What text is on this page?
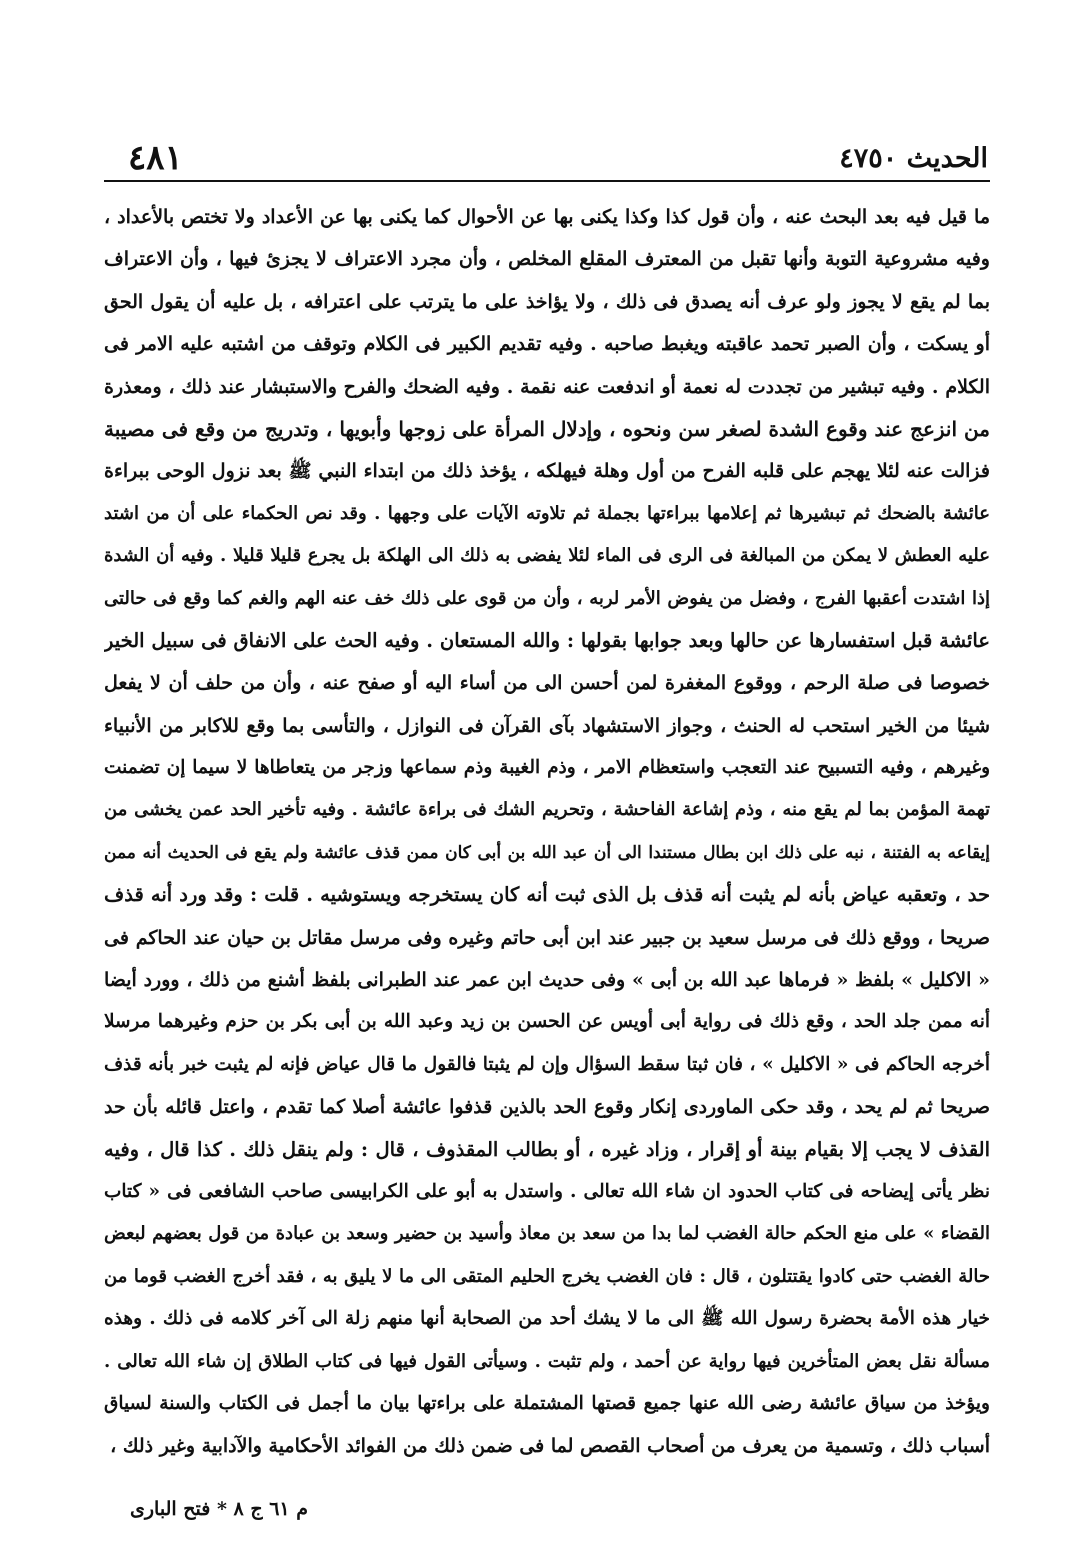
٤٨١	الحديث ٤٧٥٠
ما قيل فيه بعد البحث عنه ، وأن قول كذا وكذا يكنى بها عن الأحوال كما يكنى بها عن الأعداد ولا تختص بالأعداد ،
وفيه مشروعية التوبة وأنها تقبل من المعترف المقلع المخلص ، وأن مجرد الاعتراف لا يجزئ فيها ، وأن الاعتراف
بما لم يقع لا يجوز ولو عرف أنه يصدق فى ذلك ، ولا يؤاخذ على ما يترتب على اعترافه ، بل عليه أن يقول الحق
أو يسكت ، وأن الصبر تحمد عاقبته ويغبط صاحبه . وفيه تقديم الكبير فى الكلام وتوقف من اشتبه عليه الامر فى
الكلام . وفيه تبشير من تجددت له نعمة أو اندفعت عنه نقمة . وفيه الضحك والفرح والاستبشار عند ذلك ، ومعذرة
من انزعج عند وقوع الشدة لصغر سن ونحوه ، وإدلال المرأة على زوجها وأبويها ، وتدريج من وقع فى مصيبة
فزالت عنه لئلا يهجم على قلبه الفرح من أول وهلة فيهلكه ، يؤخذ ذلك من ابتداء النبي ﷺ بعد نزول الوحى ببراءة
عائشة بالضحك ثم تبشيرها ثم إعلامها ببراءتها بجملة ثم تلاوته الآيات على وجهها . وقد نص الحكماء على أن من اشتد
عليه العطش لا يمكن من المبالغة فى الرى فى الماء لئلا يفضى به ذلك الى الهلكة بل يجرع قليلا قليلا . وفيه أن الشدة
إذا اشتدت أعقبها الفرج ، وفضل من يفوض الأمر لربه ، وأن من قوى على ذلك خف عنه الهم والغم كما وقع فى حالتى
عائشة قبل استفسارها عن حالها وبعد جوابها بقولها : والله المستعان . وفيه الحث على الانفاق فى سبيل الخير
خصوصا فى صلة الرحم ، ووقوع المغفرة لمن أحسن الى من أساء اليه أو صفح عنه ، وأن من حلف أن لا يفعل
شيئا من الخير استحب له الحنث ، وجواز الاستشهاد بآى القرآن فى النوازل ، والتأسى بما وقع للاكابر من الأنبياء
وغيرهم ، وفيه التسبيح عند التعجب واستعظام الامر ، وذم الغيبة وذم سماعها وزجر من يتعاطاها لا سيما إن تضمنت
تهمة المؤمن بما لم يقع منه ، وذم إشاعة الفاحشة ، وتحريم الشك فى براءة عائشة . وفيه تأخير الحد عمن يخشى من
إيقاعه به الفتنة ، نبه على ذلك ابن بطال مستندا الى أن عبد الله بن أبى كان ممن قذف عائشة ولم يقع فى الحديث أنه ممن
حد ، وتعقبه عياض بأنه لم يثبت أنه قذف بل الذى ثبت أنه كان يستخرجه ويستوشيه . قلت : وقد ورد أنه قذف
صريحا ، ووقع ذلك فى مرسل سعيد بن جبير عند ابن أبى حاتم وغيره وفى مرسل مقاتل بن حيان عند الحاكم فى
« الاكليل » بلفظ « فرماها عبد الله بن أبى » وفى حديث ابن عمر عند الطبرانى بلفظ أشنع من ذلك ، وورد أيضا
أنه ممن جلد الحد ، وقع ذلك فى رواية أبى أويس عن الحسن بن زيد وعبد الله بن أبى بكر بن حزم وغيرهما مرسلا
أخرجه الحاكم فى « الاكليل » ، فان ثبتا سقط السؤال وإن لم يثبتا فالقول ما قال عياض فإنه لم يثبت خبر بأنه قذف
صريحا ثم لم يحد ، وقد حكى الماوردى إنكار وقوع الحد بالذين قذفوا عائشة أصلا كما تقدم ، واعتل قائله بأن حد
القذف لا يجب إلا بقيام بينة أو إقرار ، وزاد غيره ، أو بطالب المقذوف ، قال : ولم ينقل ذلك . كذا قال ، وفيه
نظر يأتى إيضاحه فى كتاب الحدود ان شاء الله تعالى . واستدل به أبو على الكرابيسى صاحب الشافعى فى « كتاب
القضاء » على منع الحكم حالة الغضب لما بدا من سعد بن معاذ وأسيد بن حضير وسعد بن عبادة من قول بعضهم لبعض
حالة الغضب حتى كادوا يقتتلون ، قال : فان الغضب يخرج الحليم المتقى الى ما لا يليق به ، فقد أخرج الغضب قوما من
خيار هذه الأمة بحضرة رسول الله ﷺ الى ما لا يشك أحد من الصحابة أنها منهم زلة الى آخر كلامه فى ذلك . وهذه
مسألة نقل بعض المتأخرين فيها رواية عن أحمد ، ولم تثبت . وسيأتى القول فيها فى كتاب الطلاق إن شاء الله تعالى .
ويؤخذ من سياق عائشة رضى الله عنها جميع قصتها المشتملة على براءتها بيان ما أجمل فى الكتاب والسنة لسياق
أسباب ذلك ، وتسمية من يعرف من أصحاب القصص لما فى ضمن ذلك من الفوائد الأحكامية والآدابية وغير ذلك ،
م ٦١ ج ٨ * فتح البارى
